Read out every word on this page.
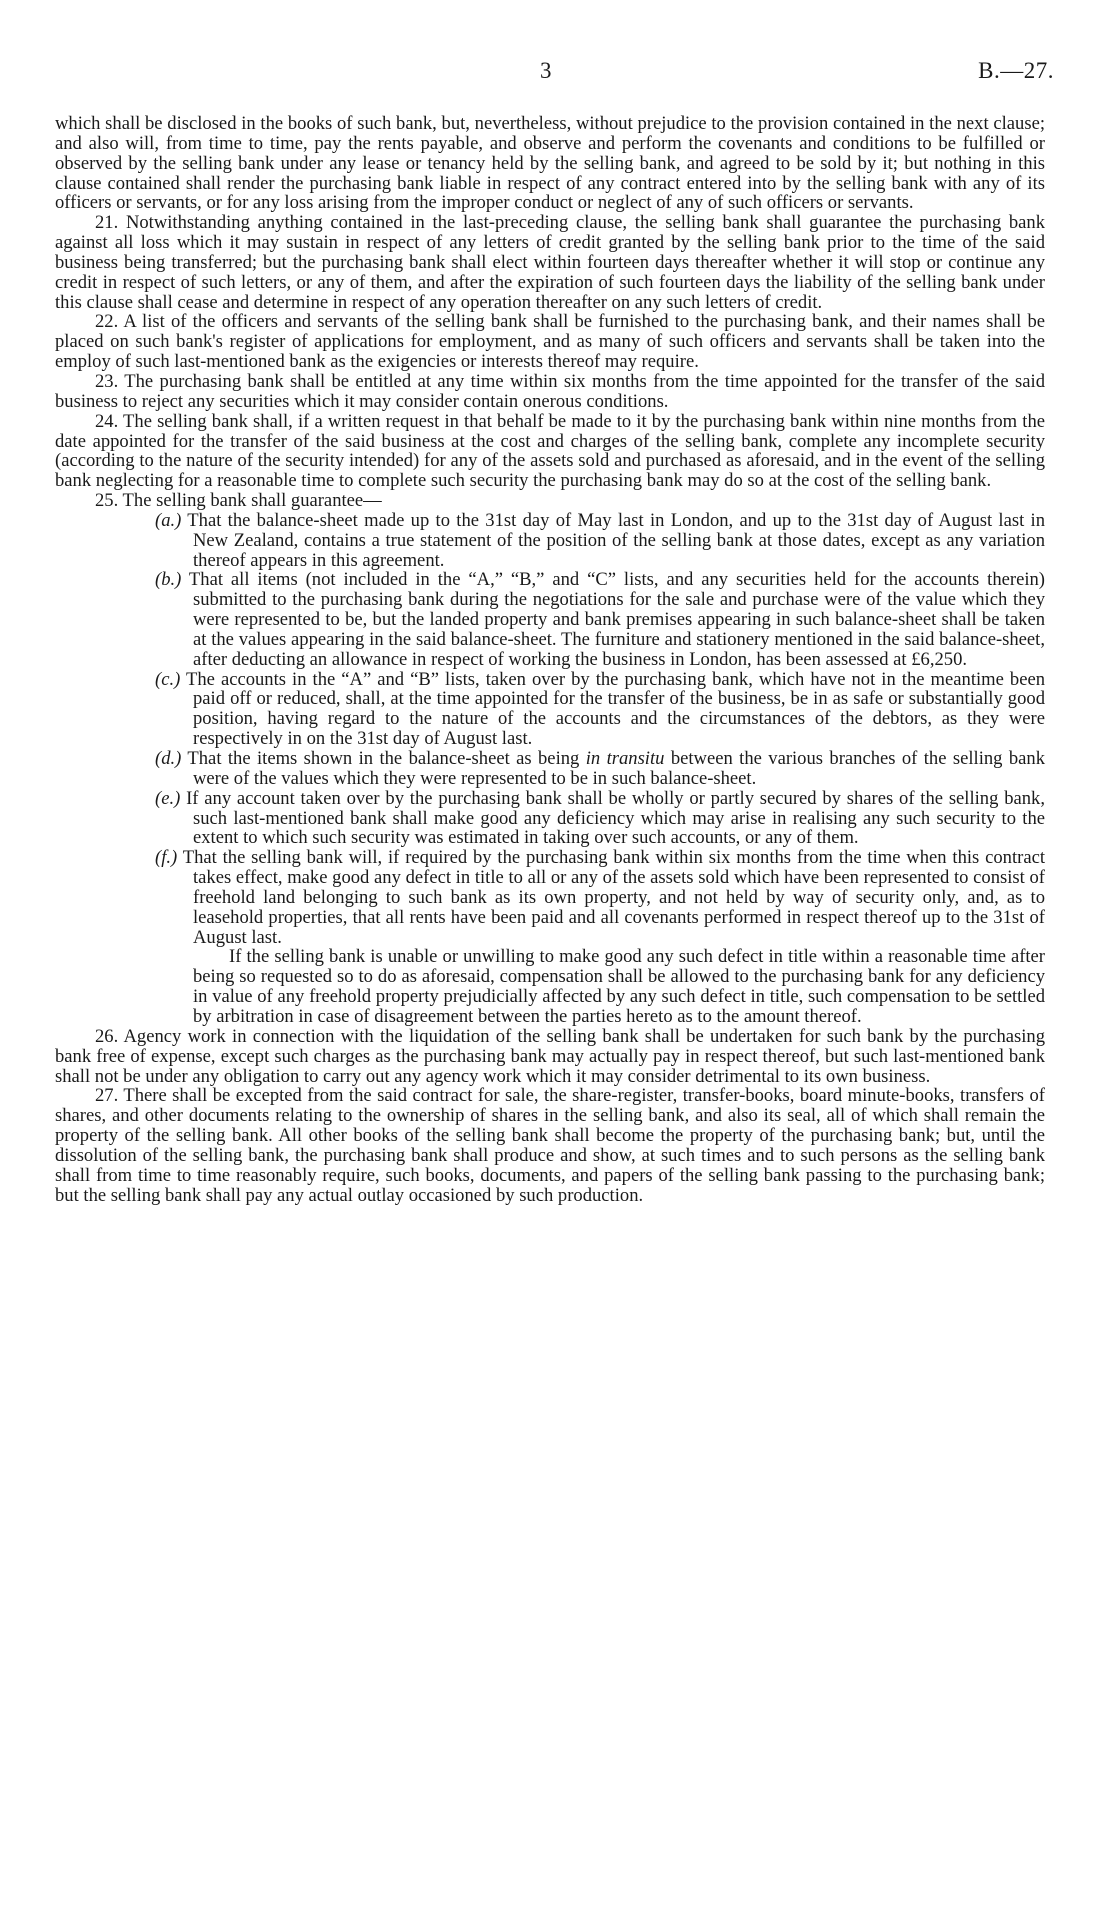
3	B.—27.

which shall be disclosed in the books of such bank, but, nevertheless, without prejudice to the provision contained in the next clause; and also will, from time to time, pay the rents payable, and observe and perform the covenants and conditions to be fulfilled or observed by the selling bank under any lease or tenancy held by the selling bank, and agreed to be sold by it; but nothing in this clause contained shall render the purchasing bank liable in respect of any contract entered into by the selling bank with any of its officers or servants, or for any loss arising from the improper conduct or neglect of any of such officers or servants.

21. Notwithstanding anything contained in the last-preceding clause, the selling bank shall guarantee the purchasing bank against all loss which it may sustain in respect of any letters of credit granted by the selling bank prior to the time of the said business being transferred; but the purchasing bank shall elect within fourteen days thereafter whether it will stop or continue any credit in respect of such letters, or any of them, and after the expiration of such fourteen days the liability of the selling bank under this clause shall cease and determine in respect of any operation thereafter on any such letters of credit.

22. A list of the officers and servants of the selling bank shall be furnished to the purchasing bank, and their names shall be placed on such bank's register of applications for employment, and as many of such officers and servants shall be taken into the employ of such last-mentioned bank as the exigencies or interests thereof may require.

23. The purchasing bank shall be entitled at any time within six months from the time appointed for the transfer of the said business to reject any securities which it may consider contain onerous conditions.

24. The selling bank shall, if a written request in that behalf be made to it by the purchasing bank within nine months from the date appointed for the transfer of the said business at the cost and charges of the selling bank, complete any incomplete security (according to the nature of the security intended) for any of the assets sold and purchased as aforesaid, and in the event of the selling bank neglecting for a reasonable time to complete such security the purchasing bank may do so at the cost of the selling bank.

25. The selling bank shall guarantee—

(a.) That the balance-sheet made up to the 31st day of May last in London, and up to the 31st day of August last in New Zealand, contains a true statement of the position of the selling bank at those dates, except as any variation thereof appears in this agreement.

(b.) That all items (not included in the “A,” “B,” and “C” lists, and any securities held for the accounts therein) submitted to the purchasing bank during the negotiations for the sale and purchase were of the value which they were represented to be, but the landed property and bank premises appearing in such balance-sheet shall be taken at the values appearing in the said balance-sheet. The furniture and stationery mentioned in the said balance-sheet, after deducting an allowance in respect of working the business in London, has been assessed at £6,250.

(c.) The accounts in the “A” and “B” lists, taken over by the purchasing bank, which have not in the meantime been paid off or reduced, shall, at the time appointed for the transfer of the business, be in as safe or substantially good position, having regard to the nature of the accounts and the circumstances of the debtors, as they were respectively in on the 31st day of August last.

(d.) That the items shown in the balance-sheet as being in transitu between the various branches of the selling bank were of the values which they were represented to be in such balance-sheet.

(e.) If any account taken over by the purchasing bank shall be wholly or partly secured by shares of the selling bank, such last-mentioned bank shall make good any deficiency which may arise in realising any such security to the extent to which such security was estimated in taking over such accounts, or any of them.

(f.) That the selling bank will, if required by the purchasing bank within six months from the time when this contract takes effect, make good any defect in title to all or any of the assets sold which have been represented to consist of freehold land belonging to such bank as its own property, and not held by way of security only, and, as to leasehold properties, that all rents have been paid and all covenants performed in respect thereof up to the 31st of August last.

If the selling bank is unable or unwilling to make good any such defect in title within a reasonable time after being so requested so to do as aforesaid, compensation shall be allowed to the purchasing bank for any deficiency in value of any freehold property prejudicially affected by any such defect in title, such compensation to be settled by arbitration in case of disagreement between the parties hereto as to the amount thereof.

26. Agency work in connection with the liquidation of the selling bank shall be undertaken for such bank by the purchasing bank free of expense, except such charges as the purchasing bank may actually pay in respect thereof, but such last-mentioned bank shall not be under any obligation to carry out any agency work which it may consider detrimental to its own business.

27. There shall be excepted from the said contract for sale, the share-register, transfer-books, board minute-books, transfers of shares, and other documents relating to the ownership of shares in the selling bank, and also its seal, all of which shall remain the property of the selling bank. All other books of the selling bank shall become the property of the purchasing bank; but, until the dissolution of the selling bank, the purchasing bank shall produce and show, at such times and to such persons as the selling bank shall from time to time reasonably require, such books, documents, and papers of the selling bank passing to the purchasing bank; but the selling bank shall pay any actual outlay occasioned by such production.
